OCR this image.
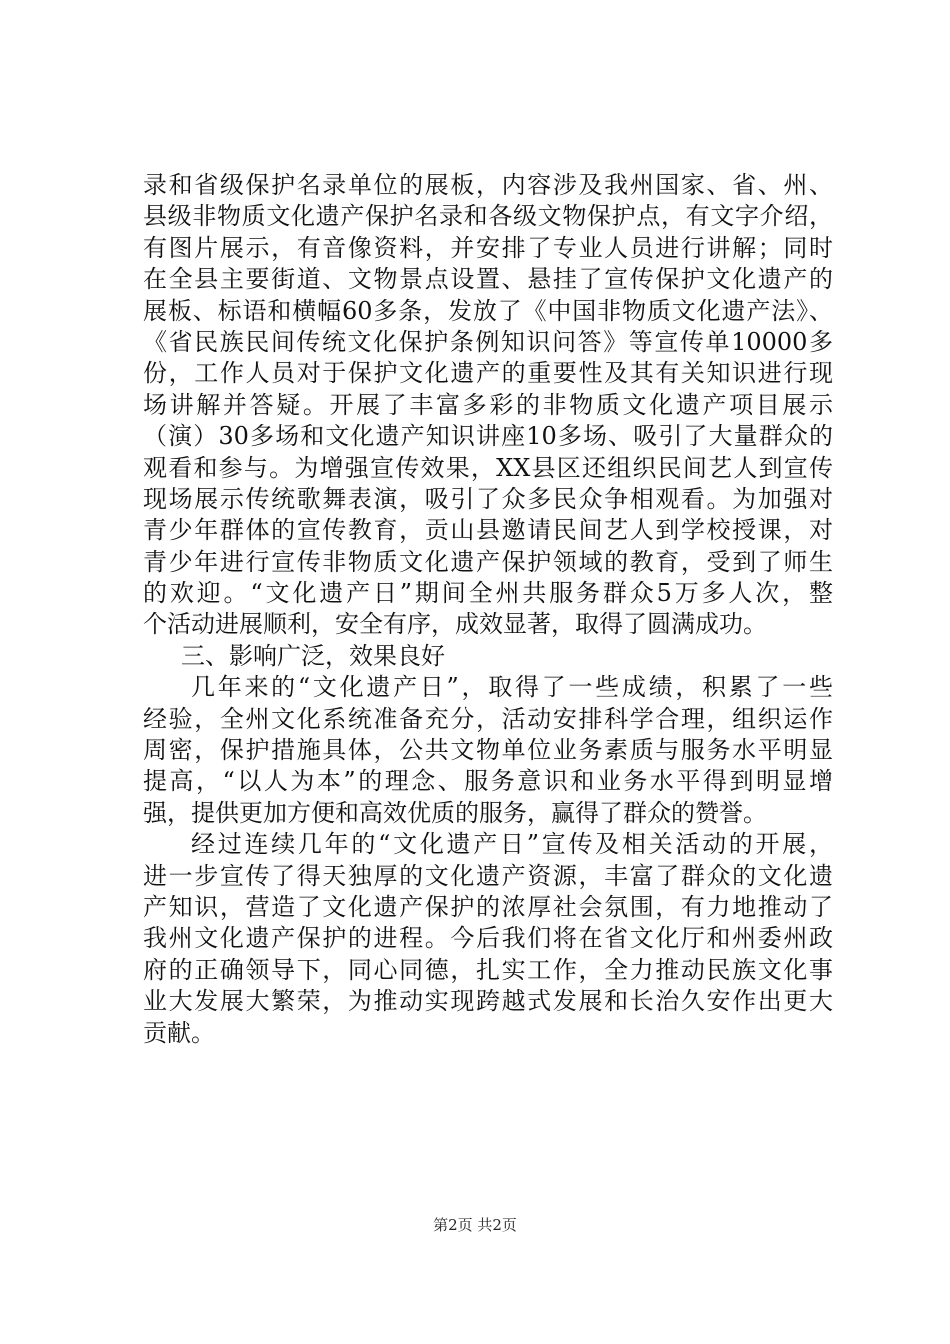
录和省级保护名录单位的展板，内容涉及我州国家、省、州、
县级非物质文化遗产保护名录和各级文物保护点，有文字介绍，
有图片展示，有音像资料，并安排了专业人员进行讲解；同时
在全县主要街道、文物景点设置、悬挂了宣传保护文化遗产的
展板、标语和横幅60多条，发放了《中国非物质文化遗产法》、
《省民族民间传统文化保护条例知识问答》等宣传单10000多
份，工作人员对于保护文化遗产的重要性及其有关知识进行现
场讲解并答疑。开展了丰富多彩的非物质文化遗产项目展示
（演）30多场和文化遗产知识讲座10多场、吸引了大量群众的
观看和参与。为增强宣传效果，XX县区还组织民间艺人到宣传
现场展示传统歌舞表演，吸引了众多民众争相观看。为加强对
青少年群体的宣传教育，贡山县邀请民间艺人到学校授课，对
青少年进行宣传非物质文化遗产保护领域的教育，受到了师生
的欢迎。“文化遗产日”期间全州共服务群众5万多人次，整
个活动进展顺利，安全有序，成效显著，取得了圆满成功。
三、影响广泛，效果良好
几年来的“文化遗产日”，取得了一些成绩，积累了一些
经验，全州文化系统准备充分，活动安排科学合理，组织运作
周密，保护措施具体，公共文物单位业务素质与服务水平明显
提高，“以人为本”的理念、服务意识和业务水平得到明显增
强，提供更加方便和高效优质的服务，赢得了群众的赞誉。
经过连续几年的“文化遗产日”宣传及相关活动的开展，
进一步宣传了得天独厚的文化遗产资源，丰富了群众的文化遗
产知识，营造了文化遗产保护的浓厚社会氛围，有力地推动了
我州文化遗产保护的进程。今后我们将在省文化厅和州委州政
府的正确领导下，同心同德，扎实工作，全力推动民族文化事
业大发展大繁荣，为推动实现跨越式发展和长治久安作出更大
贡献。
第2页 共2页
